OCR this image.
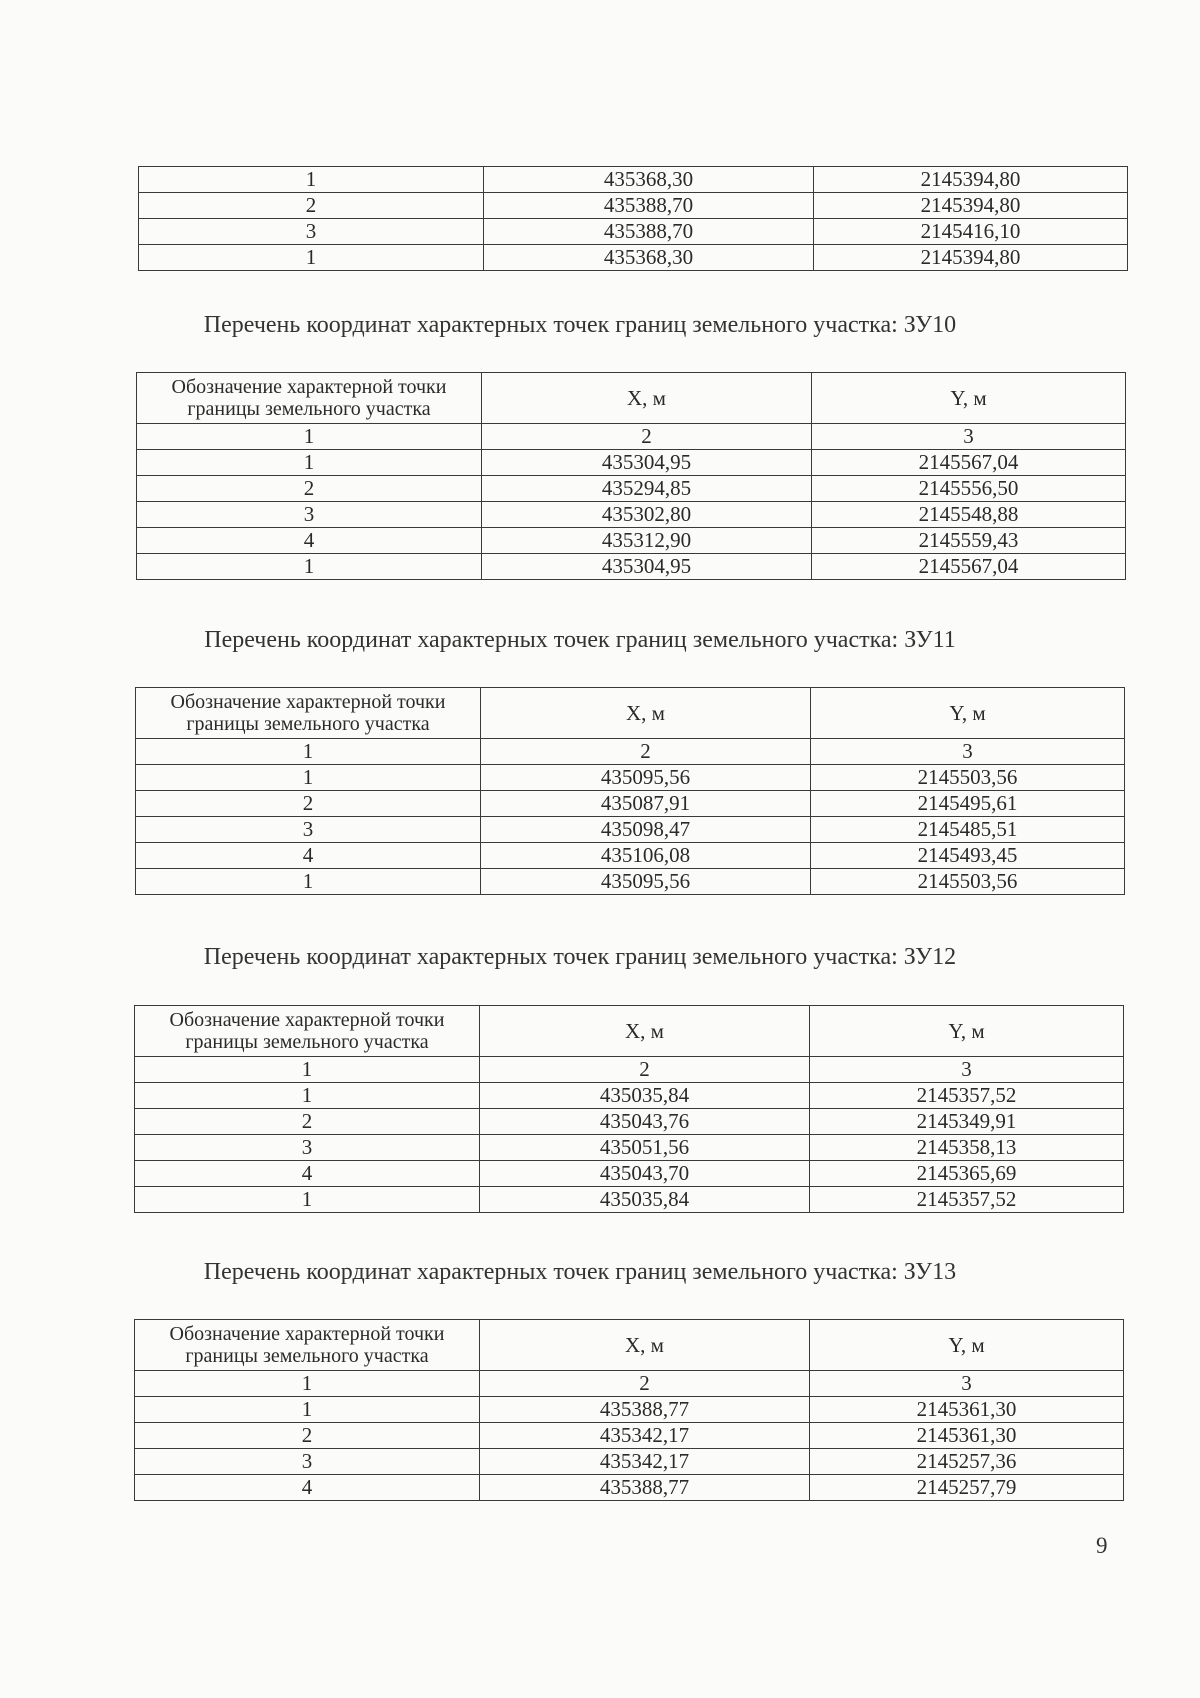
1	435368,30	2145394,80
2	435388,70	2145394,80
3	435388,70	2145416,10
1	435368,30	2145394,80
Перечень координат характерных точек границ земельного участка: ЗУ10
Обозначение характерной точки границы земельного участка	X, м	Y, м
1	2	3
1	435304,95	2145567,04
2	435294,85	2145556,50
3	435302,80	2145548,88
4	435312,90	2145559,43
1	435304,95	2145567,04
Перечень координат характерных точек границ земельного участка: ЗУ11
Обозначение характерной точки границы земельного участка	X, м	Y, м
1	2	3
1	435095,56	2145503,56
2	435087,91	2145495,61
3	435098,47	2145485,51
4	435106,08	2145493,45
1	435095,56	2145503,56
Перечень координат характерных точек границ земельного участка: ЗУ12
Обозначение характерной точки границы земельного участка	X, м	Y, м
1	2	3
1	435035,84	2145357,52
2	435043,76	2145349,91
3	435051,56	2145358,13
4	435043,70	2145365,69
1	435035,84	2145357,52
Перечень координат характерных точек границ земельного участка: ЗУ13
Обозначение характерной точки границы земельного участка	X, м	Y, м
1	2	3
1	435388,77	2145361,30
2	435342,17	2145361,30
3	435342,17	2145257,36
4	435388,77	2145257,79
9
